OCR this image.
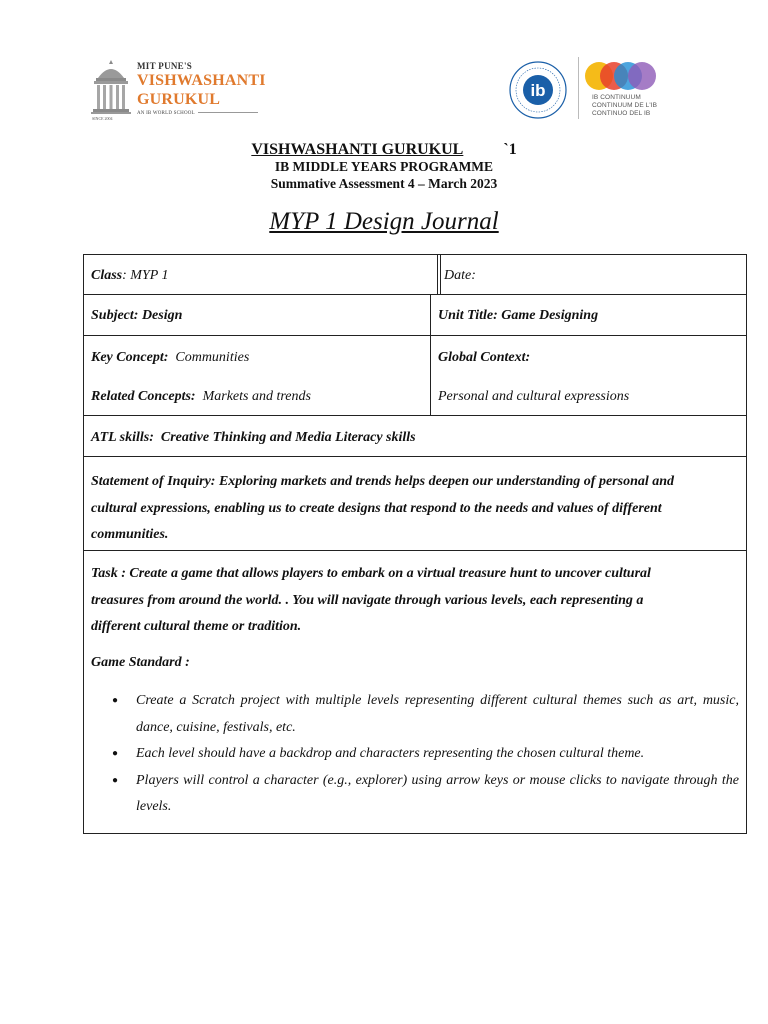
SINCE 2004
MIT PUNE'S
VISHWASHANTI
GURUKUL
AN IB WORLD SCHOOL
ib	IB CONTINUUM
CONTINUUM DE L'IB
CONTINUO DEL IB
VISHWASHANTI GURUKUL	`1
IB MIDDLE YEARS PROGRAMME
Summative Assessment 4 – March 2023
MYP 1 Design Journal
Class: MYP 1	Date:
Subject: Design	Unit Title: Game Designing
Key Concept: Communities	Global Context:
Related Concepts: Markets and trends	Personal and cultural expressions
ATL skills: Creative Thinking and Media Literacy skills
Statement of Inquiry: Exploring markets and trends helps deepen our understanding of personal and
cultural expressions, enabling us to create designs that respond to the needs and values of different
communities.
Task : Create a game that allows players to embark on a virtual treasure hunt to uncover cultural
treasures from around the world. . You will navigate through various levels, each representing a
different cultural theme or tradition.
Game Standard :
● Create a Scratch project with multiple levels representing different cultural themes such as art, music, dance, cuisine, festivals, etc.
● Each level should have a backdrop and characters representing the chosen cultural theme.
● Players will control a character (e.g., explorer) using arrow keys or mouse clicks to navigate through the levels.
